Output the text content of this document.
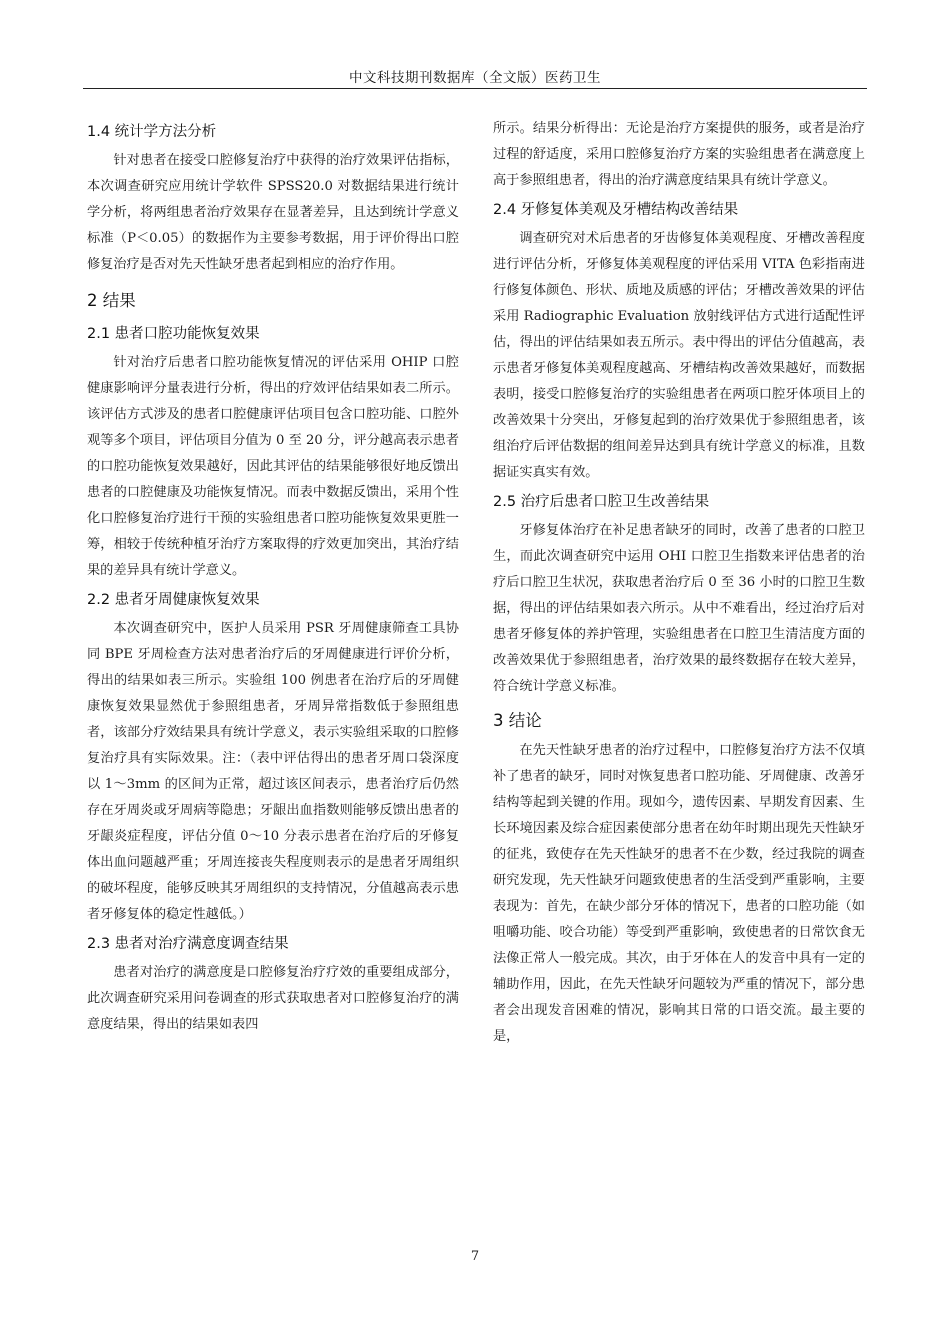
中文科技期刊数据库（全文版）医药卫生
1.4 统计学方法分析

针对患者在接受口腔修复治疗中获得的治疗效果评估指标，本次调查研究应用统计学软件 SPSS20.0 对数据结果进行统计学分析，将两组患者治疗效果存在显著差异，且达到统计学意义标准（P＜0.05）的数据作为主要参考数据，用于评价得出口腔修复治疗是否对先天性缺牙患者起到相应的治疗作用。

2 结果
2.1 患者口腔功能恢复效果

针对治疗后患者口腔功能恢复情况的评估采用 OHIP 口腔健康影响评分量表进行分析，得出的疗效评估结果如表二所示。该评估方式涉及的患者口腔健康评估项目包含口腔功能、口腔外观等多个项目，评估项目分值为 0 至 20 分，评分越高表示患者的口腔功能恢复效果越好，因此其评估的结果能够很好地反馈出患者的口腔健康及功能恢复情况。而表中数据反馈出，采用个性化口腔修复治疗进行干预的实验组患者口腔功能恢复效果更胜一筹，相较于传统种植牙治疗方案取得的疗效更加突出，其治疗结果的差异具有统计学意义。

2.2 患者牙周健康恢复效果

本次调查研究中，医护人员采用 PSR 牙周健康筛查工具协同 BPE 牙周检查方法对患者治疗后的牙周健康进行评价分析，得出的结果如表三所示。实验组 100 例患者在治疗后的牙周健康恢复效果显然优于参照组患者，牙周异常指数低于参照组患者，该部分疗效结果具有统计学意义，表示实验组采取的口腔修复治疗具有实际效果。注：（表中评估得出的患者牙周口袋深度以 1～3mm 的区间为正常，超过该区间表示，患者治疗后仍然存在牙周炎或牙周病等隐患；牙龈出血指数则能够反馈出患者的牙龈炎症程度，评估分值 0～10 分表示患者在治疗后的牙修复体出血问题越严重；牙周连接丧失程度则表示的是患者牙周组织的破坏程度，能够反映其牙周组织的支持情况，分值越高表示患者牙修复体的稳定性越低。）

2.3 患者对治疗满意度调查结果

患者对治疗的满意度是口腔修复治疗疗效的重要组成部分，此次调查研究采用问卷调查的形式获取患者对口腔修复治疗的满意度结果，得出的结果如表四

所示。结果分析得出：无论是治疗方案提供的服务，或者是治疗过程的舒适度，采用口腔修复治疗方案的实验组患者在满意度上高于参照组患者，得出的治疗满意度结果具有统计学意义。

2.4 牙修复体美观及牙槽结构改善结果

调查研究对术后患者的牙齿修复体美观程度、牙槽改善程度进行评估分析，牙修复体美观程度的评估采用 VITA 色彩指南进行修复体颜色、形状、质地及质感的评估；牙槽改善效果的评估采用 Radiographic Evaluation 放射线评估方式进行适配性评估，得出的评估结果如表五所示。表中得出的评估分值越高，表示患者牙修复体美观程度越高、牙槽结构改善效果越好，而数据表明，接受口腔修复治疗的实验组患者在两项口腔牙体项目上的改善效果十分突出，牙修复起到的治疗效果优于参照组患者，该组治疗后评估数据的组间差异达到具有统计学意义的标准，且数据证实真实有效。

2.5 治疗后患者口腔卫生改善结果

牙修复体治疗在补足患者缺牙的同时，改善了患者的口腔卫生，而此次调查研究中运用 OHI 口腔卫生指数来评估患者的治疗后口腔卫生状况，获取患者治疗后 0 至 36 小时的口腔卫生数据，得出的评估结果如表六所示。从中不难看出，经过治疗后对患者牙修复体的养护管理，实验组患者在口腔卫生清洁度方面的改善效果优于参照组患者，治疗效果的最终数据存在较大差异，符合统计学意义标准。

3 结论

在先天性缺牙患者的治疗过程中，口腔修复治疗方法不仅填补了患者的缺牙，同时对恢复患者口腔功能、牙周健康、改善牙结构等起到关键的作用。现如今，遗传因素、早期发育因素、生长环境因素及综合症因素使部分患者在幼年时期出现先天性缺牙的征兆，致使存在先天性缺牙的患者不在少数，经过我院的调查研究发现，先天性缺牙问题致使患者的生活受到严重影响，主要表现为：首先，在缺少部分牙体的情况下，患者的口腔功能（如咀嚼功能、咬合功能）等受到严重影响，致使患者的日常饮食无法像正常人一般完成。其次，由于牙体在人的发音中具有一定的辅助作用，因此，在先天性缺牙问题较为严重的情况下，部分患者会出现发音困难的情况，影响其日常的口语交流。最主要的是，

7
